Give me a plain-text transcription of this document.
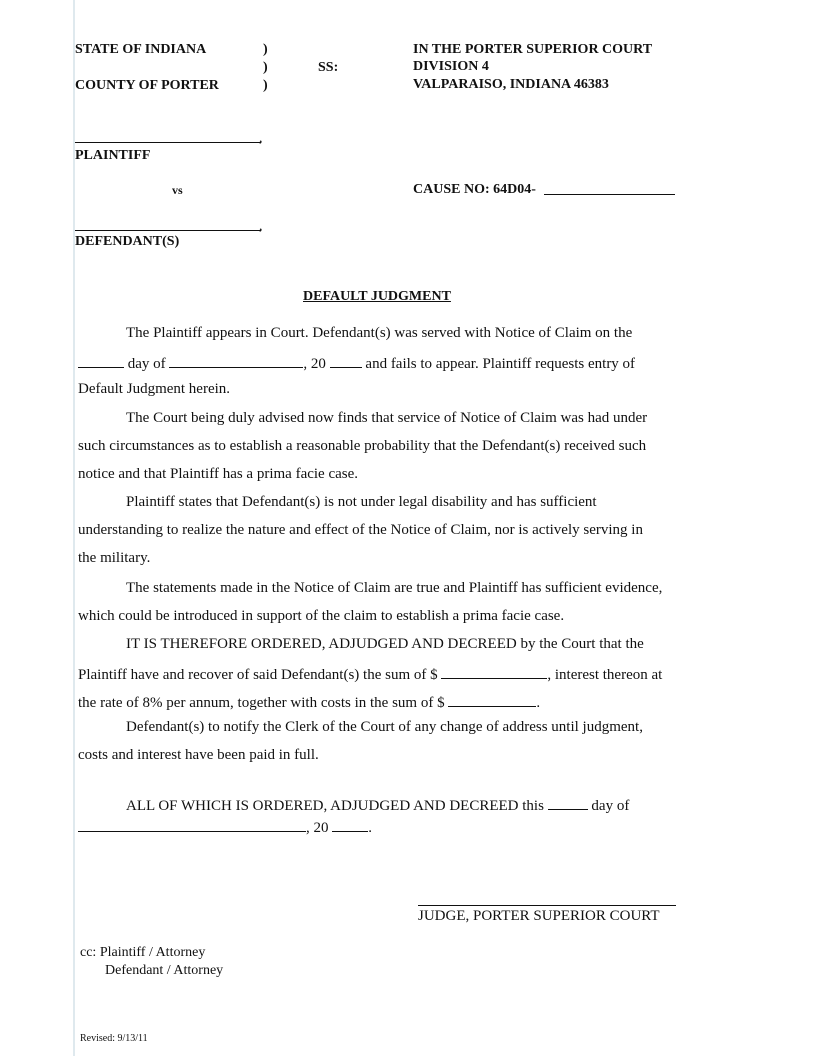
STATE OF INDIANA
COUNTY OF PORTER
)
)
)
SS:
IN THE PORTER SUPERIOR COURT
DIVISION 4
VALPARAISO, INDIANA 46383
,
PLAINTIFF
vs	CAUSE NO: 64D04-
,
DEFENDANT(S)
DEFAULT JUDGMENT
The Plaintiff appears in Court. Defendant(s) was served with Notice of Claim on the
day of	, 20	and fails to appear. Plaintiff requests entry of
Default Judgment herein.
The Court being duly advised now finds that service of Notice of Claim was had under
such circumstances as to establish a reasonable probability that the Defendant(s) received such
notice and that Plaintiff has a prima facie case.
Plaintiff states that Defendant(s) is not under legal disability and has sufficient
understanding to realize the nature and effect of the Notice of Claim, nor is actively serving in
the military.
The statements made in the Notice of Claim are true and Plaintiff has sufficient evidence,
which could be introduced in support of the claim to establish a prima facie case.
IT IS THEREFORE ORDERED, ADJUDGED AND DECREED by the Court that the
Plaintiff have and recover of said Defendant(s) the sum of $	, interest thereon at
the rate of 8% per annum, together with costs in the sum of $	.
Defendant(s) to notify the Clerk of the Court of any change of address until judgment,
costs and interest have been paid in full.
ALL OF WHICH IS ORDERED, ADJUDGED AND DECREED this	day of
, 20	.
JUDGE, PORTER SUPERIOR COURT
cc: Plaintiff / Attorney
Defendant / Attorney
Revised: 9/13/11
